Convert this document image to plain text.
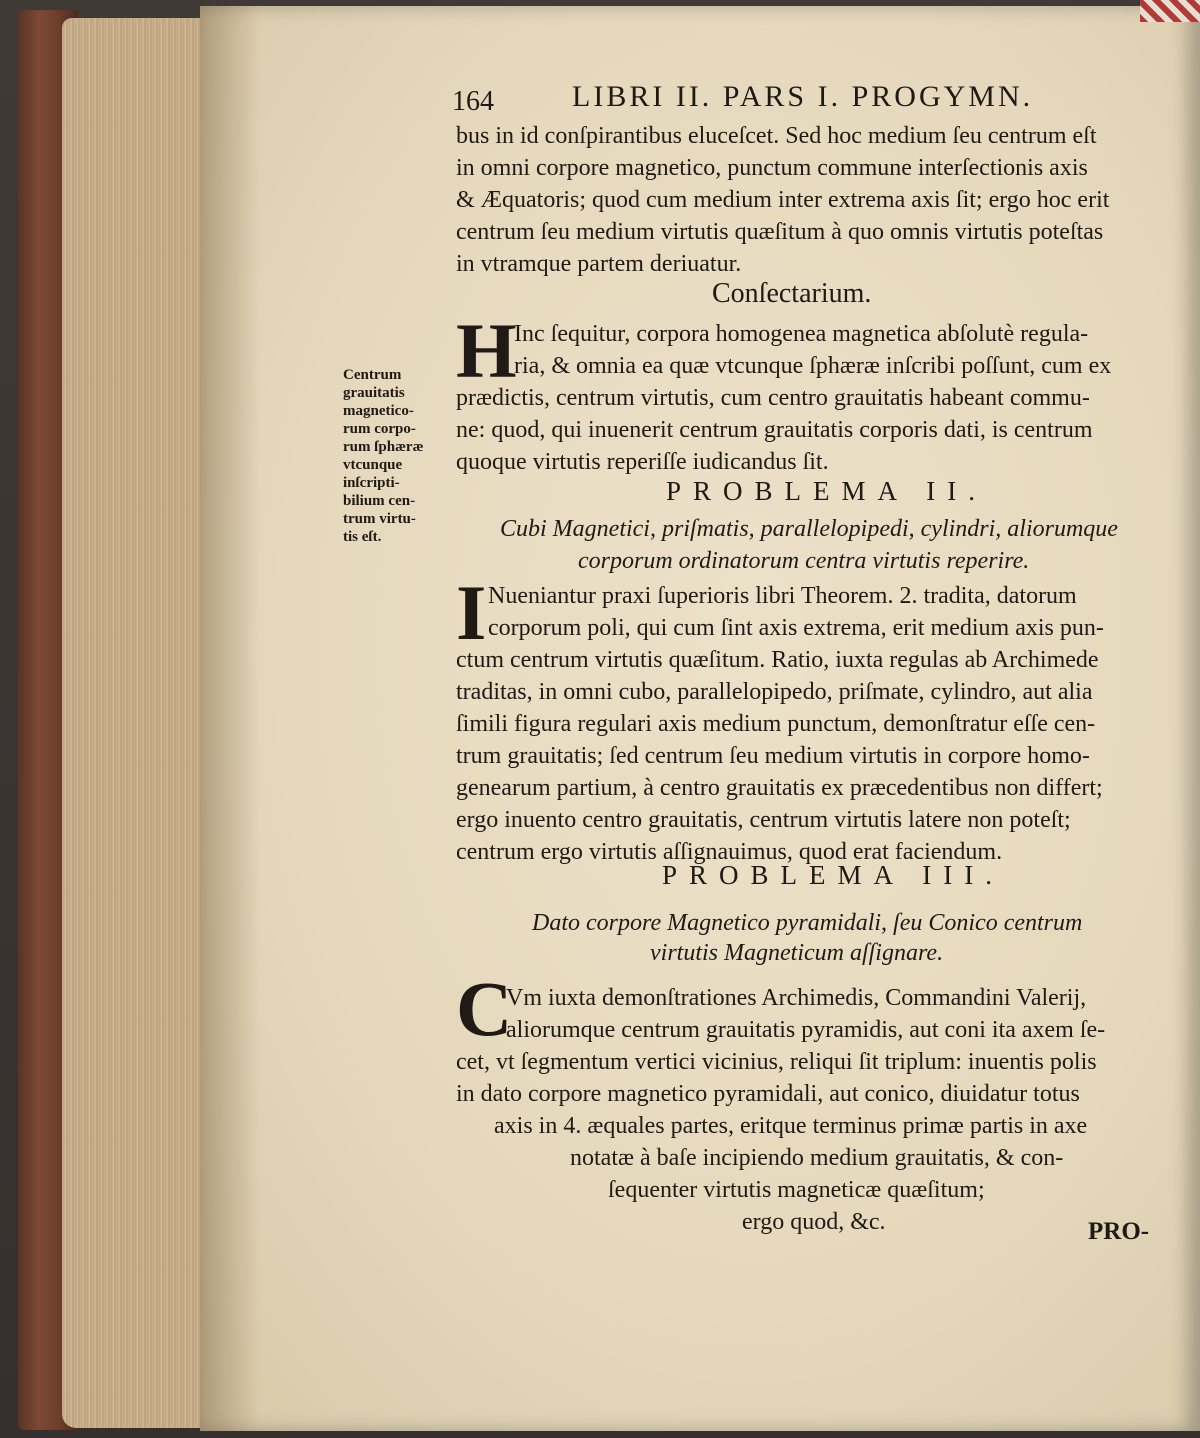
164	LIBRI II. PARS I. PROGYMN.
bus in id conſpirantibus eluceſcet. Sed hoc medium ſeu centrum eſt
in omni corpore magnetico, punctum commune interſectionis axis
& Æquatoris; quod cum medium inter extrema axis ſit; ergo hoc erit
centrum ſeu medium virtutis quæſitum à quo omnis virtutis poteſtas
in vtramque partem deriuatur.
Conſectarium.
H
Inc ſequitur, corpora homogenea magnetica abſolutè regula-
ria, & omnia ea quæ vtcunque ſphæræ inſcribi poſſunt, cum ex
prædictis, centrum virtutis, cum centro grauitatis habeant commu-
ne: quod, qui inuenerit centrum grauitatis corporis dati, is centrum
quoque virtutis reperiſſe iudicandus ſit.
Centrum
grauitatis
magnetico-
rum corpo-
rum ſphæræ
vtcunque
inſcripti-
bilium cen-
trum virtu-
tis eſt.
PROBLEMA II.
Cubi Magnetici, priſmatis, parallelopipedi, cylindri, aliorumque
corporum ordinatorum centra virtutis reperire.
I Nueniantur praxi ſuperioris libri Theorem. 2. tradita, datorum
corporum poli, qui cum ſint axis extrema, erit medium axis pun-
ctum centrum virtutis quæſitum. Ratio, iuxta regulas ab Archimede
traditas, in omni cubo, parallelopipedo, priſmate, cylindro, aut alia
ſimili figura regulari axis medium punctum, demonſtratur eſſe cen-
trum grauitatis; ſed centrum ſeu medium virtutis in corpore homo-
genearum partium, à centro grauitatis ex præcedentibus non differt;
ergo inuento centro grauitatis, centrum virtutis latere non poteſt;
centrum ergo virtutis aſſignauimus, quod erat faciendum.
PROBLEMA III.
Dato corpore Magnetico pyramidali, ſeu Conico centrum
virtutis Magneticum aſſignare.
C
Vm iuxta demonſtrationes Archimedis, Commandini Valerij,
aliorumque centrum grauitatis pyramidis, aut coni ita axem ſe-
cet, vt ſegmentum vertici vicinius, reliqui ſit triplum: inuentis polis
in dato corpore magnetico pyramidali, aut conico, diuidatur totus
axis in 4. æquales partes, eritque terminus primæ partis in axe
notatæ à baſe incipiendo medium grauitatis, & con-
ſequenter virtutis magneticæ quæſitum;
ergo quod, &c.	PRO-
